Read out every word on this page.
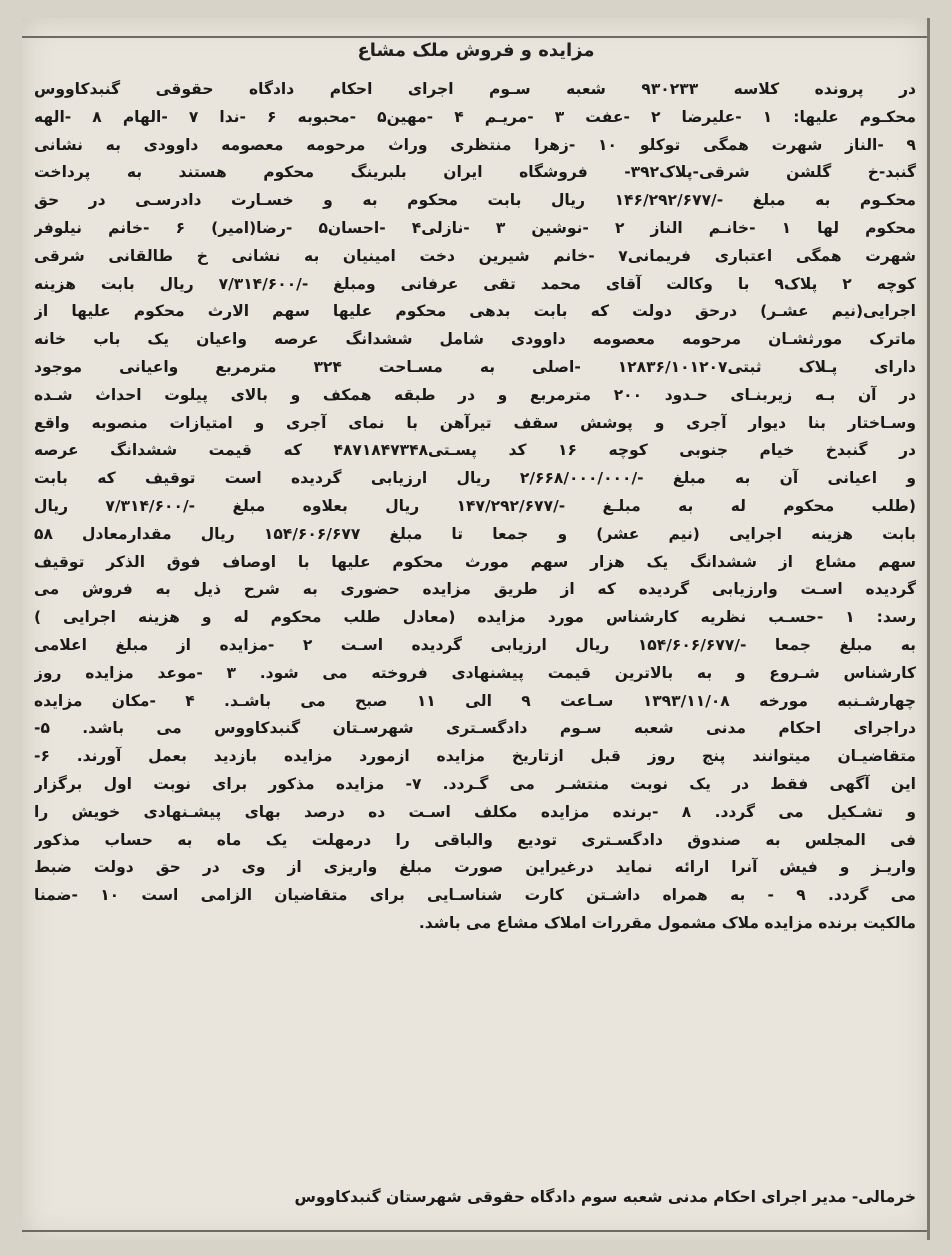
مزایده و فروش ملک مشاع

در پرونده کلاسه ۹۳۰۲۳۳ شعبه سـوم اجرای احکام دادگاه حقوقی گنبدکاووس

محکـوم علیها: ۱ -علیرضا ۲ -عفت ۳ -مریـم ۴ -مهین۵ -محبوبه ۶ -ندا ۷ -الهام ۸ -الهه

۹ -الناز شهرت همگی توکلو ۱۰ -زهرا منتظری وراث مرحومه معصومه داوودی به نشانی

گنبد-خ گلشن شرقی-پلاک۳۹۲- فروشگاه ایران بلبرینگ محکوم هستند به پرداخت

محکـوم به مبلغ -/۱۴۶/۲۹۲/۶۷۷ ریال بابت محکوم به و خسـارت دادرسـی در حق

محکوم لها ۱ -خانـم الناز ۲ -نوشین ۳ -نازلی۴ -احسان۵ -رضا(امیر) ۶ -خانم نیلوفر

شهرت همگی اعتباری فریمانی۷ -خانم شیرین دخت امینیان به نشانی خ طالقانی شرقی

کوچه ۲ پلاک۹ با وکالت آقای محمد تقی عرفانی ومبلغ -/۷/۳۱۴/۶۰۰ ریال بابت هزینه

اجرایی(نیم عشـر) درحق دولت که بابت بدهی محکوم علیها سهم الارث محکوم علیها از

ماترک مورثشـان مرحومه معصومه داوودی شامل ششدانگ عرصه واعیان یک باب خانه

دارای پـلاک ثبتی۱۲۸۳۶/۱۰۱۲۰۷ -اصلی به مسـاحت ۳۲۴ مترمربع واعیانی موجود

در آن بـه زیربنـای حـدود ۲۰۰ مترمربع و در طبقه همکف و بالای پیلوت احداث شـده

وسـاختار بنا دیوار آجری و پوشش سقف تیرآهن با نمای آجری و امتیازات منصوبه واقع

در گنبدخ خیام جنوبی کوچه ۱۶ کد پسـتی۴۸۷۱۸۴۷۳۴۸ که قیمت ششدانگ عرصه

و اعیانی آن به مبلغ -/۲/۶۶۸/۰۰۰/۰۰۰ ریال ارزیابی گردیده است توقیف که بابت

(طلب محکوم له به مبلـغ -/۱۴۷/۲۹۲/۶۷۷ ریال بعلاوه مبلغ -/۷/۳۱۴/۶۰۰ ریال

بابت هزینه اجرایی (نیم عشر) و جمعا تا مبلغ ۱۵۴/۶۰۶/۶۷۷ ریال مقدارمعادل ۵۸

سهم مشاع از ششدانگ یک هزار سهم مورث محکوم علیها با اوصاف فوق الذکر توقیف

گردیده اسـت وارزیابی گردیده که از طریق مزایده حضوری به شرح ذیل به فروش می

رسد: ۱ -حسـب نظریه کارشناس مورد مزایده (معادل طلب محکوم له و هزینه اجرایی )

به مبلغ جمعا -/۱۵۴/۶۰۶/۶۷۷ ریال ارزیابی گردیده اسـت ۲ -مزایده از مبلغ اعلامی

کارشناس شـروع و به بالاترین قیمت پیشنهادی فروخته می شود. ۳ -موعد مزایده روز

چهارشـنبه مورخه ۱۳۹۳/۱۱/۰۸ سـاعت ۹ الی ۱۱ صبح می باشـد. ۴ -مکان مزایده

دراجرای احکام مدنی شعبه سـوم دادگسـتری شهرسـتان گنبدکاووس می باشد. ۵-

متقاضیـان میتوانند پنج روز قبل ازتاریخ مزایده ازمورد مزایده بازدید بعمل آورند. ۶-

این آگهی فقط در یک نوبت منتشـر می گـردد. ۷- مزایده مذکور برای نوبت اول برگزار

و تشـکیل می گردد. ۸ -برنده مزایده مکلف اسـت ده درصد بهای پیشـنهادی خویش را

فی المجلس به صندوق دادگسـتری تودیع والباقی را درمهلت یک ماه به حساب مذکور

واریـز و فیش آنرا ارائه نماید درغیراین صورت مبلغ واریزی از وی در حق دولت ضبط

می گردد. ۹ - به همراه داشـتن کارت شناسـایی برای متقاضیان الزامی است ۱۰ -ضمنا

مالکیت برنده مزایده ملاک مشمول مقررات املاک مشاع می باشد.

خرمالی- مدیر اجرای احکام مدنی شعبه سوم دادگاه حقوقی شهرستان گنبدکاووس
